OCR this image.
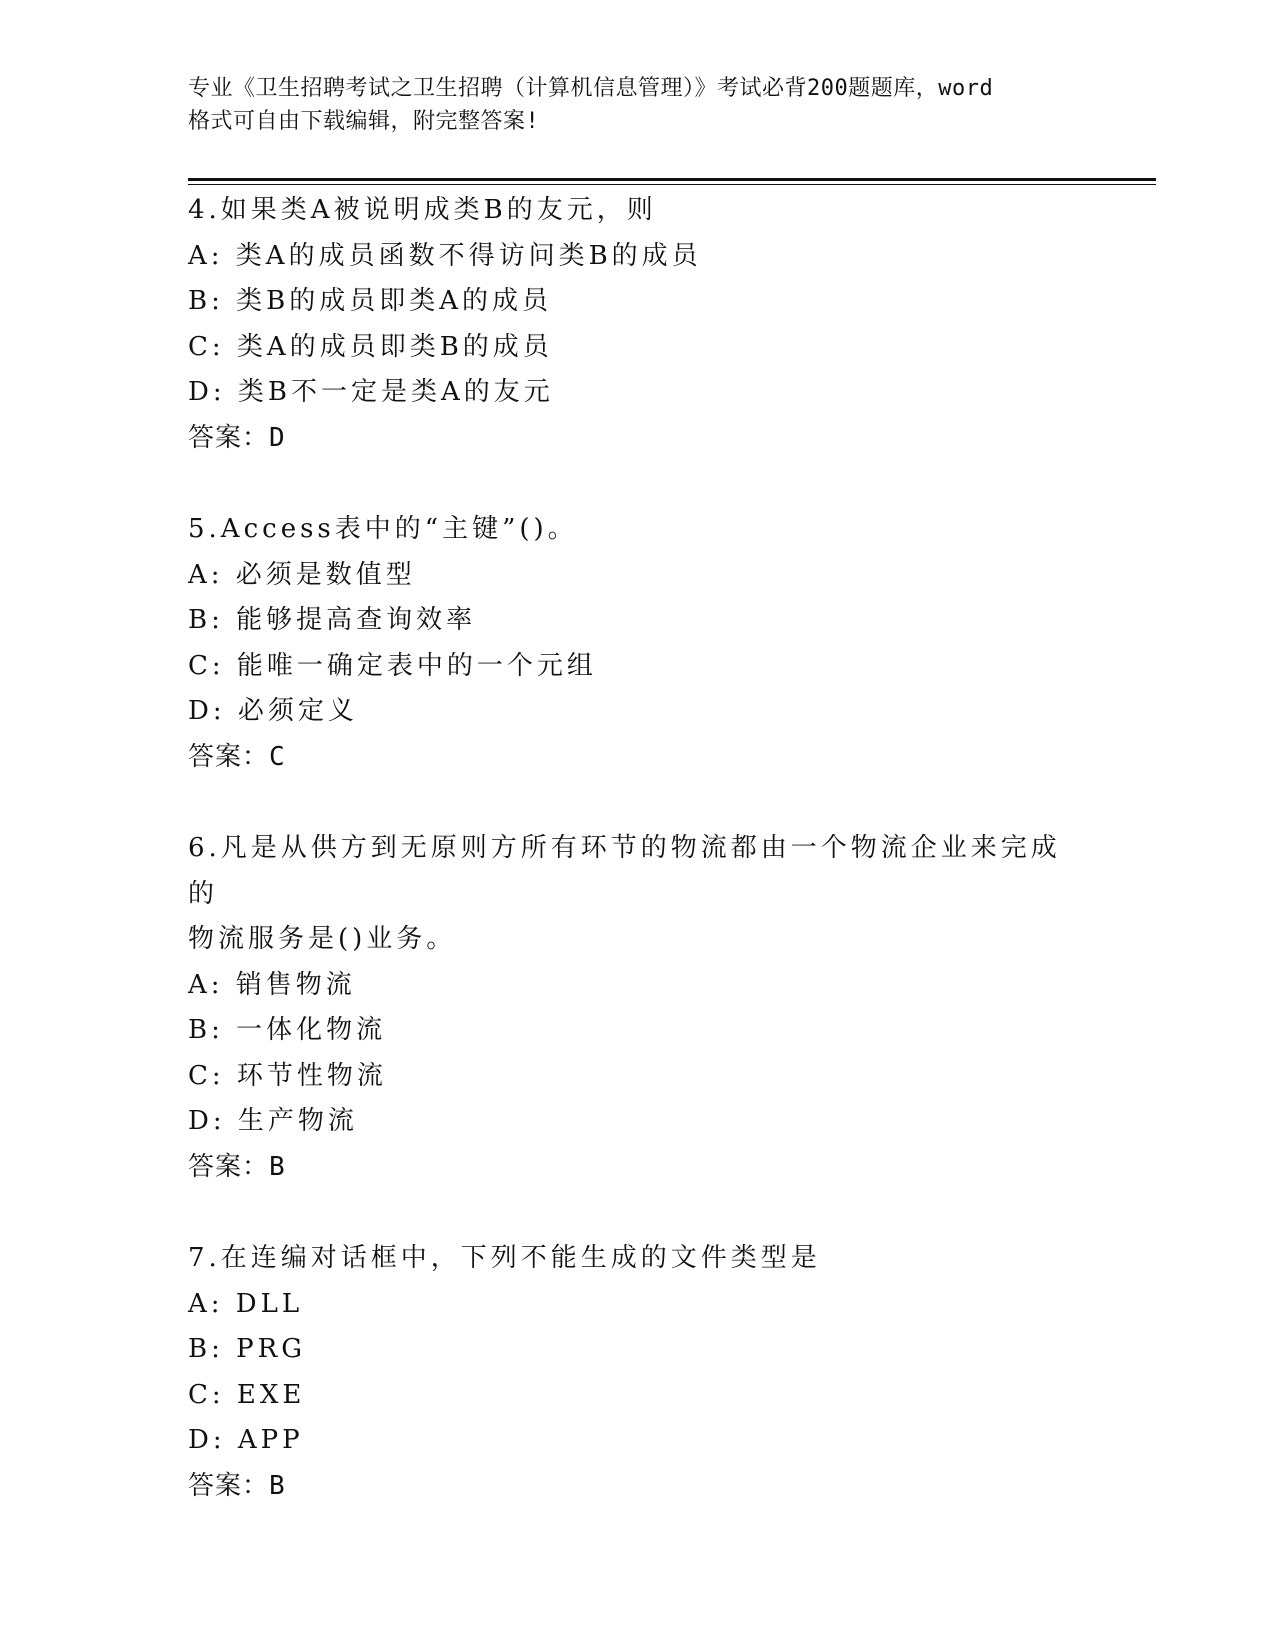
专业《卫生招聘考试之卫生招聘（计算机信息管理）》考试必背200题题库，word
格式可自由下载编辑，附完整答案!
4.如果类A被说明成类B的友元，则
A: 类A的成员函数不得访问类B的成员
B: 类B的成员即类A的成员
C: 类A的成员即类B的成员
D: 类B不一定是类A的友元
答案：D
5.Access表中的“主键”()。
A: 必须是数值型
B: 能够提高查询效率
C: 能唯一确定表中的一个元组
D: 必须定义
答案：C
6.凡是从供方到无原则方所有环节的物流都由一个物流企业来完成的
物流服务是()业务。
A: 销售物流
B: 一体化物流
C: 环节性物流
D: 生产物流
答案：B
7.在连编对话框中，下列不能生成的文件类型是
A: DLL
B: PRG
C: EXE
D: APP
答案：B
